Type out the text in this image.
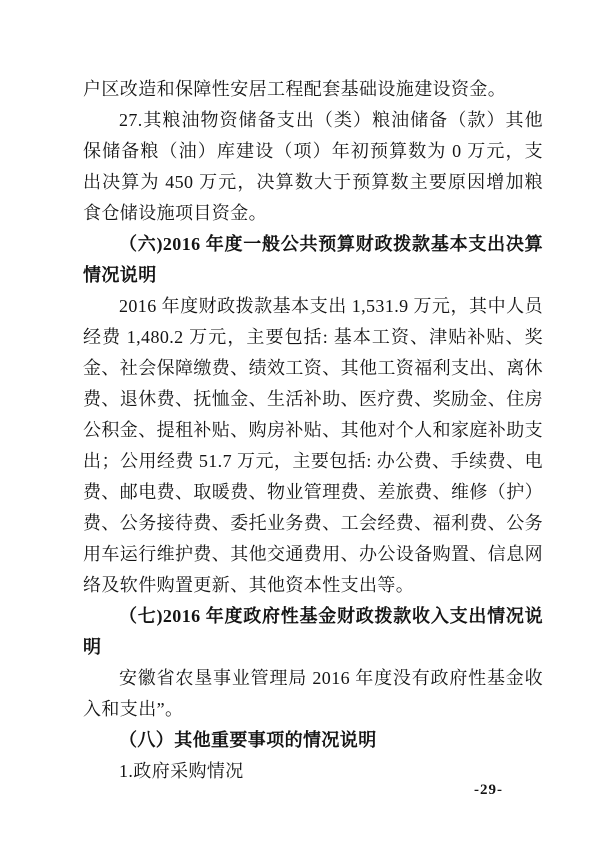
户区改造和保障性安居工程配套基础设施建设资金。

27.其粮油物资储备支出（类）粮油储备（款）其他保储备粮（油）库建设（项）年初预算数为 0 万元，支出决算为 450 万元，决算数大于预算数主要原因增加粮食仓储设施项目资金。

（六)2016 年度一般公共预算财政拨款基本支出决算情况说明

2016 年度财政拨款基本支出 1,531.9 万元，其中人员经费 1,480.2 万元，主要包括: 基本工资、津贴补贴、奖金、社会保障缴费、绩效工资、其他工资福利支出、离休费、退休费、抚恤金、生活补助、医疗费、奖励金、住房公积金、提租补贴、购房补贴、其他对个人和家庭补助支出；公用经费 51.7 万元，主要包括: 办公费、手续费、电费、邮电费、取暖费、物业管理费、差旅费、维修（护）费、公务接待费、委托业务费、工会经费、福利费、公务用车运行维护费、其他交通费用、办公设备购置、信息网络及软件购置更新、其他资本性支出等。

（七)2016 年度政府性基金财政拨款收入支出情况说明

安徽省农垦事业管理局 2016 年度没有政府性基金收入和支出”。

（八）其他重要事项的情况说明

1.政府采购情况

-29-
